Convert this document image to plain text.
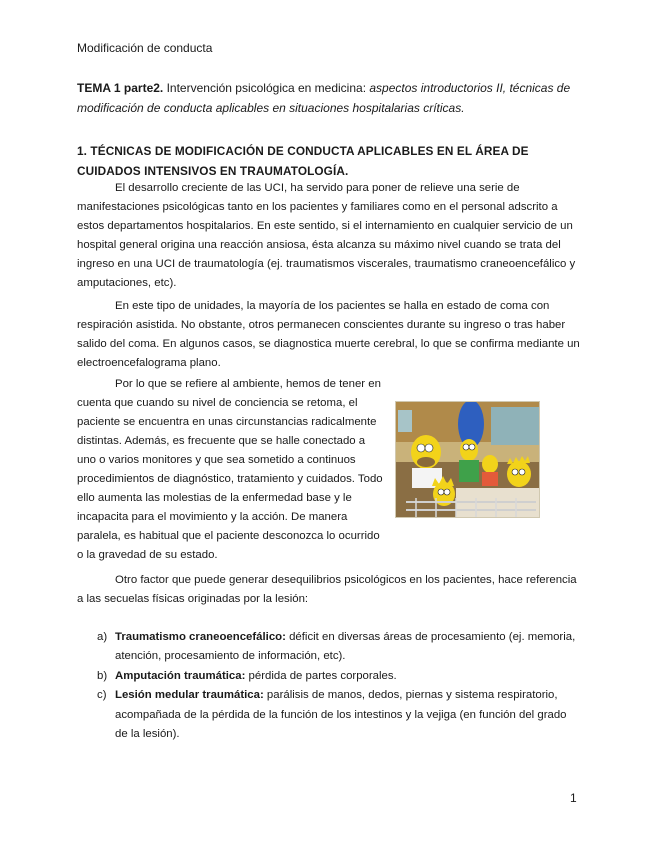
Modificación de conducta
TEMA 1 parte2. Intervención psicológica en medicina: aspectos introductorios II, técnicas de modificación de conducta aplicables en situaciones hospitalarias críticas.
1. TÉCNICAS DE MODIFICACIÓN DE CONDUCTA APLICABLES EN EL ÁREA DE CUIDADOS INTENSIVOS EN TRAUMATOLOGÍA.
El desarrollo creciente de las UCI, ha servido para poner de relieve una serie de manifestaciones psicológicas tanto en los pacientes y familiares como en el personal adscrito a estos departamentos hospitalarios. En este sentido, si el internamiento en cualquier servicio de un hospital general origina una reacción ansiosa, ésta alcanza su máximo nivel cuando se trata del ingreso en una UCI de traumatología (ej. traumatismos viscerales, traumatismo craneoencefálico y amputaciones, etc).
En este tipo de unidades, la mayoría de los pacientes se halla en estado de coma con respiración asistida. No obstante, otros permanecen conscientes durante su ingreso o tras haber salido del coma. En algunos casos, se diagnostica muerte cerebral, lo que se confirma mediante un electroencefalograma plano.
Por lo que se refiere al ambiente, hemos de tener en cuenta que cuando su nivel de conciencia se retoma, el paciente se encuentra en unas circunstancias radicalmente distintas. Además, es frecuente que se halle conectado a uno o varios monitores y que sea sometido a continuos procedimientos de diagnóstico, tratamiento y cuidados. Todo ello aumenta las molestias de la enfermedad base y le incapacita para el movimiento y la acción. De manera paralela, es habitual que el paciente desconozca lo ocurrido o la gravedad de su estado.
Otro factor que puede generar desequilibrios psicológicos en los pacientes, hace referencia a las secuelas físicas originadas por la lesión:
a) Traumatismo craneoencefálico: déficit en diversas áreas de procesamiento (ej. memoria, atención, procesamiento de información, etc).
b) Amputación traumática: pérdida de partes corporales.
c) Lesión medular traumática: parálisis de manos, dedos, piernas y sistema respiratorio, acompañada de la pérdida de la función de los intestinos y la vejiga (en función del grado de la lesión).
1
